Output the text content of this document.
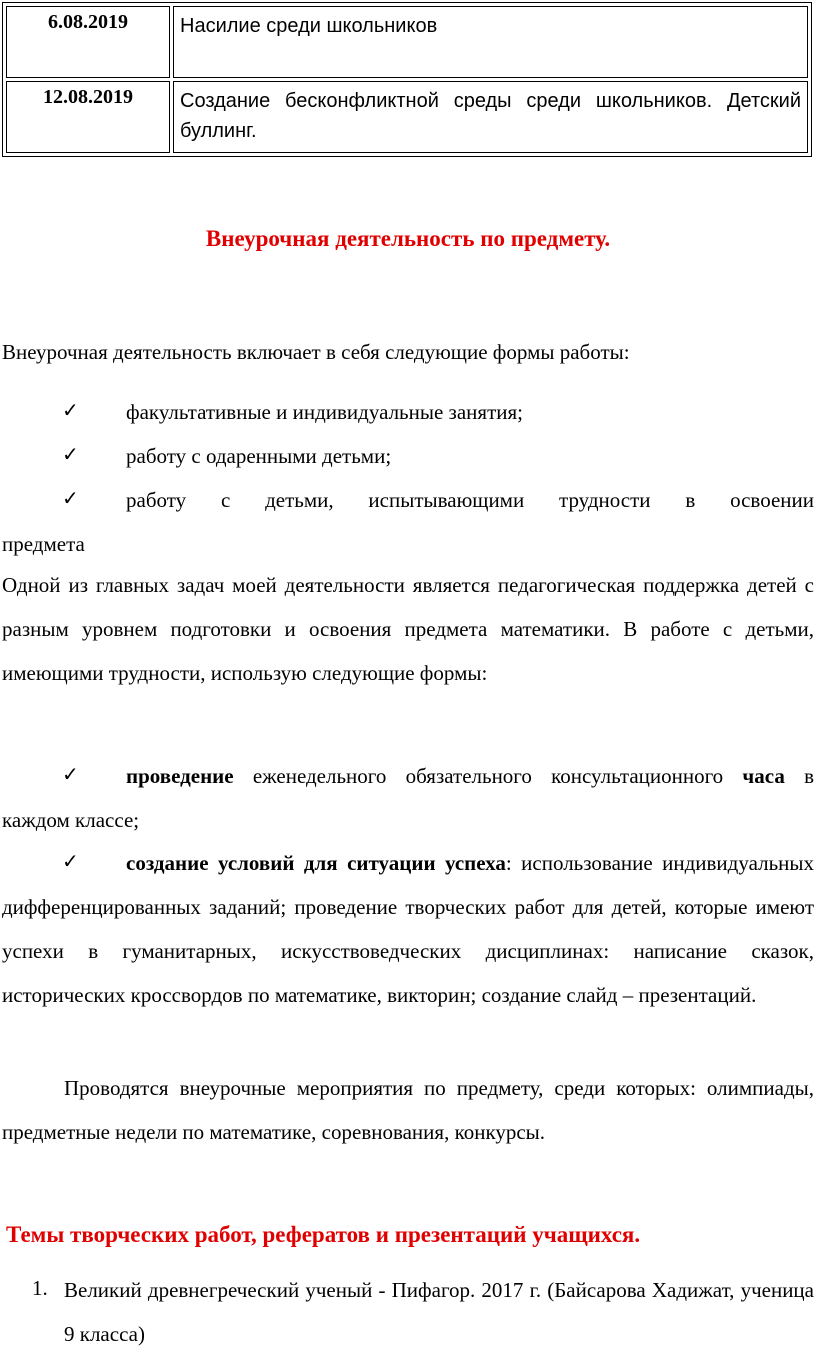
6.08.2019	Насилие среди школьников
12.08.2019	Создание бесконфликтной среды среди школьников. Детский буллинг.
Внеурочная деятельность по предмету.
Внеурочная деятельность включает в себя следующие формы работы:
✓ факультативные и индивидуальные занятия;
✓ работу с одаренными детьми;
✓ работу с детьми, испытывающими трудности в освоении
предмета
Одной из главных задач моей деятельности является педагогическая поддержка детей с разным уровнем подготовки и освоения предмета математики. В работе с детьми, имеющими трудности, использую следующие формы:
✓	проведение еженедельного обязательного консультационного часа в каждом классе;
✓	создание условий для ситуации успеха: использование индивидуальных дифференцированных заданий; проведение творческих работ для детей, которые имеют успехи в гуманитарных, искусствоведческих дисциплинах: написание сказок, исторических кроссвордов по математике, викторин; создание слайд – презентаций.
Проводятся внеурочные мероприятия по предмету, среди которых: олимпиады, предметные недели по математике, соревнования, конкурсы.
Темы творческих работ, рефератов и презентаций учащихся.
1. Великий древнегреческий ученый - Пифагор. 2017 г. (Байсарова Хадижат, ученица 9 класса)
